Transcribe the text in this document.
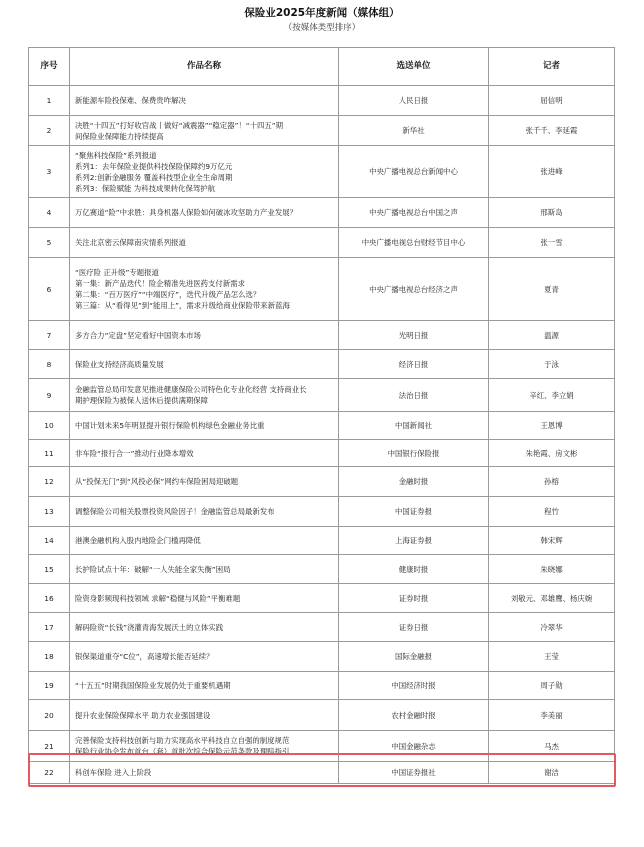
保险业2025年度新闻（媒体组）
（按媒体类型排序）
序号	作品名称	选送单位	记者
1	新能源车险投保难、保费贵咋解决	人民日报	屈信明
2	决胜“十四五”打好收官战丨做好“减震器”“稳定器”！“十四五”期
间保险业保障能力持续提高	新华社	张千千、李延霞
3	“聚焦科技保险”系列报道
系列1：去年保险业提供科技保险保障约9万亿元
系列2:创新金融服务 覆盖科技型企业全生命周期
系列3：保险赋能 为科技成果转化保驾护航	中央广播电视总台新闻中心	张进峰
4	万亿赛道“险”中求胜：具身机器人保险如何破冰攻坚助力产业发展？	中央广播电视总台中国之声	邢斯岛
5	关注北京密云保障南灾情系列报道	中央广播电视总台财经节目中心	张一雪
6	“医疗险 正升级”专题报道
第一集：新产品迭代！险企精准先进医药支付新需求
第二集：“百万医疗”“中端医疗”，迭代升级产品怎么选？
第三篇：从“看得见”到“能用上”，需求升级给商业保险带来新蓝海	中央广播电视总台经济之声	夏青
7	多方合力“定盘”坚定看好中国资本市场	光明日报	温源
8	保险业支持经济高质量发展	经济日报	于泳
9	金融监管总局印发意见推进健康保险公司特色化专业化经营 支持商业长
期护理保险为被保人送休后提供满期保障	法治日报	辛红、李立娟
10	中国计划未来5年明显提升银行保险机构绿色金融业务比重	中国新闻社	王恩博
11	非车险“报行合一”推动行业降本增效	中国银行保险报	朱艳霞、房文彬
12	从“投保无门”到“风投必保”网约车保险困局迎破题	金融时报	孙榕
13	调整保险公司相关股票投资风险因子！金融监管总局最新发布	中国证券报	程竹
14	港澳金融机构入股内地险企门槛再降低	上海证券报	韩宋辉
15	长护险试点十年：破解“一人失能全家失衡”困局	健康时报	朱晓娜
16	险资身影频现科技领域 求解“稳健与风险”平衡难题	证券时报	刘敬元、邓雄鹰、杨庆婉
17	解码险资“长钱”浇灌青海发展沃土的立体实践	证券日报	冷翠华
18	银保渠道重夺“C位”，高速增长能否延续？	国际金融报	王莹
19	“十五五”时期我国保险业发展仍处于重要机遇期	中国经济时报	周子勋
20	提升农业保险保障水平 助力农业强国建设	农村金融时报	李美丽
21	完善保险支持科技创新与助力实现高水平科技自立自强的制度规范
保险行业协会发布首台（套）首批次综合保险示范条款及理赔指引	中国金融杂志	马杰
22	科创车保险 进入上阶段	中国证券报社	谢洁
